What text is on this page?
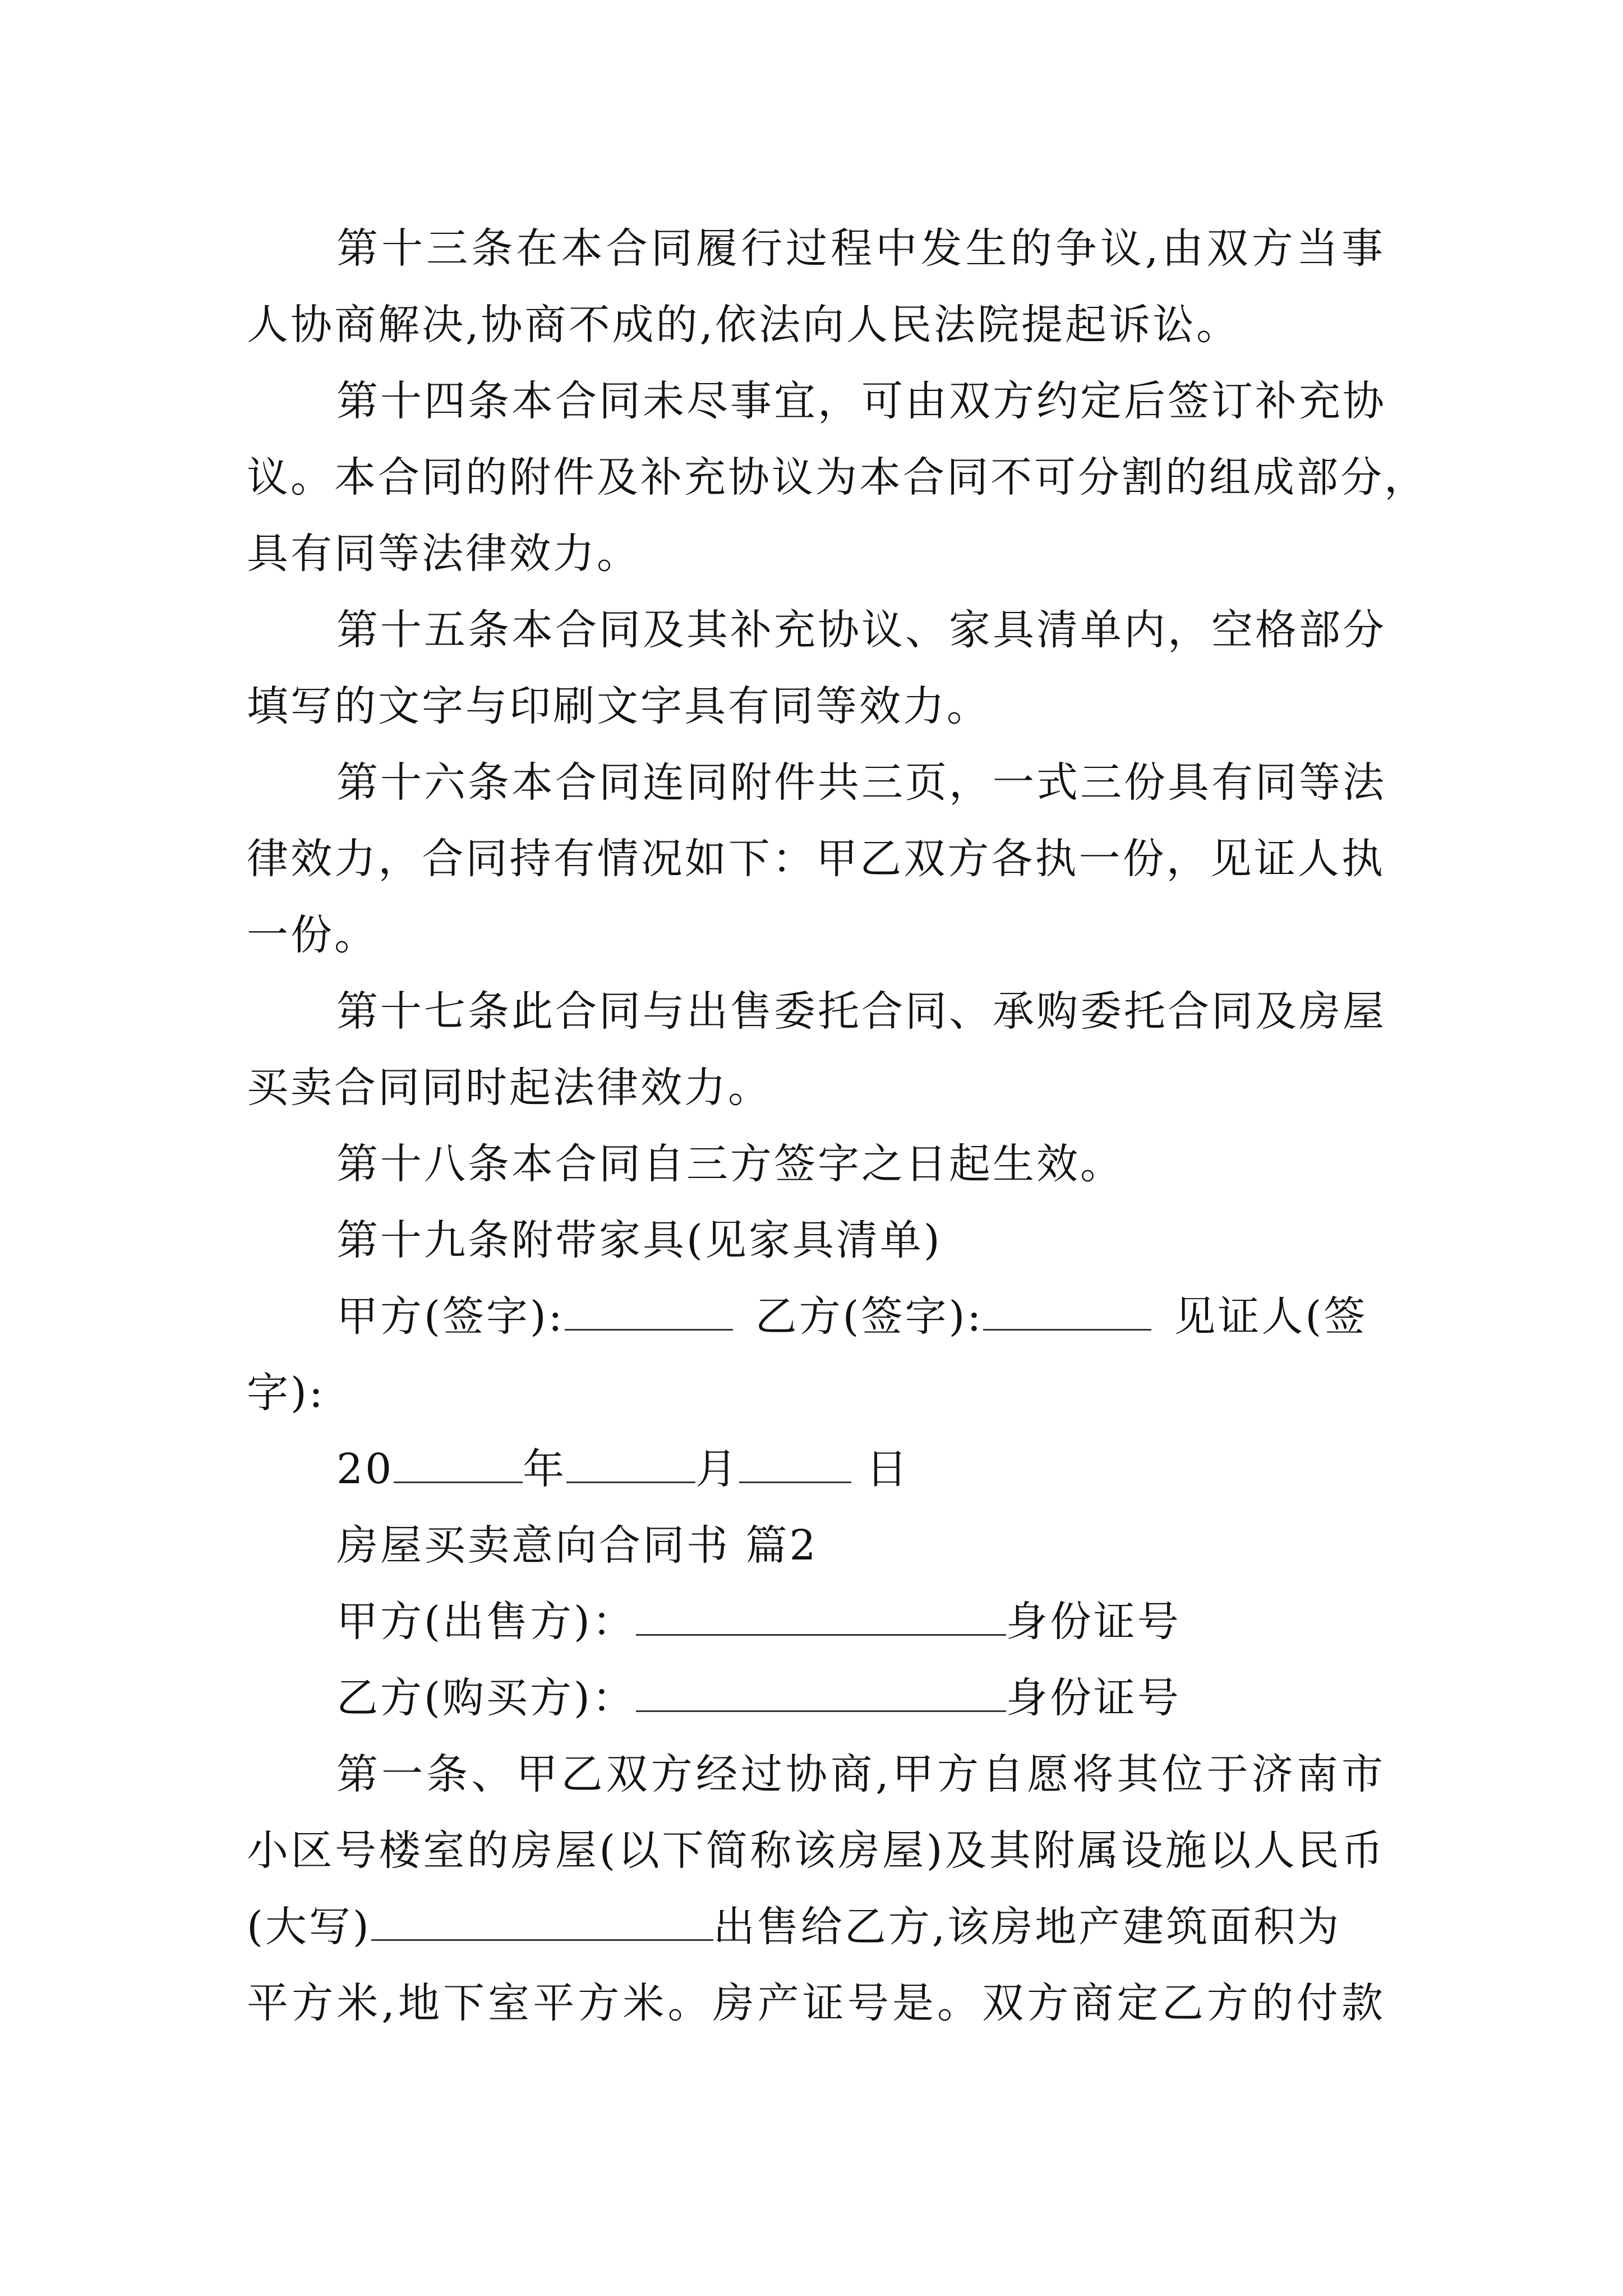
第十三条在本合同履行过程中发生的争议,由双方当事
人协商解决,协商不成的,依法向人民法院提起诉讼。
第十四条本合同未尽事宜，可由双方约定后签订补充协
议。本合同的附件及补充协议为本合同不可分割的组成部分，
具有同等法律效力。
第十五条本合同及其补充协议、家具清单内，空格部分
填写的文字与印刷文字具有同等效力。
第十六条本合同连同附件共三页，一式三份具有同等法
律效力，合同持有情况如下：甲乙双方各执一份，见证人执
一份。
第十七条此合同与出售委托合同、承购委托合同及房屋
买卖合同同时起法律效力。
第十八条本合同自三方签字之日起生效。
第十九条附带家具(见家具清单)
甲方(签字):	乙方(签字):	见证人(签
字):
20	年	月	日
房屋买卖意向合同书 篇2
甲方(出售方)：	身份证号
乙方(购买方)：	身份证号
第一条、甲乙双方经过协商,甲方自愿将其位于济南市
小区号楼室的房屋(以下简称该房屋)及其附属设施以人民币
(大写)	出售给乙方,该房地产建筑面积为
平方米,地下室平方米。房产证号是。双方商定乙方的付款
